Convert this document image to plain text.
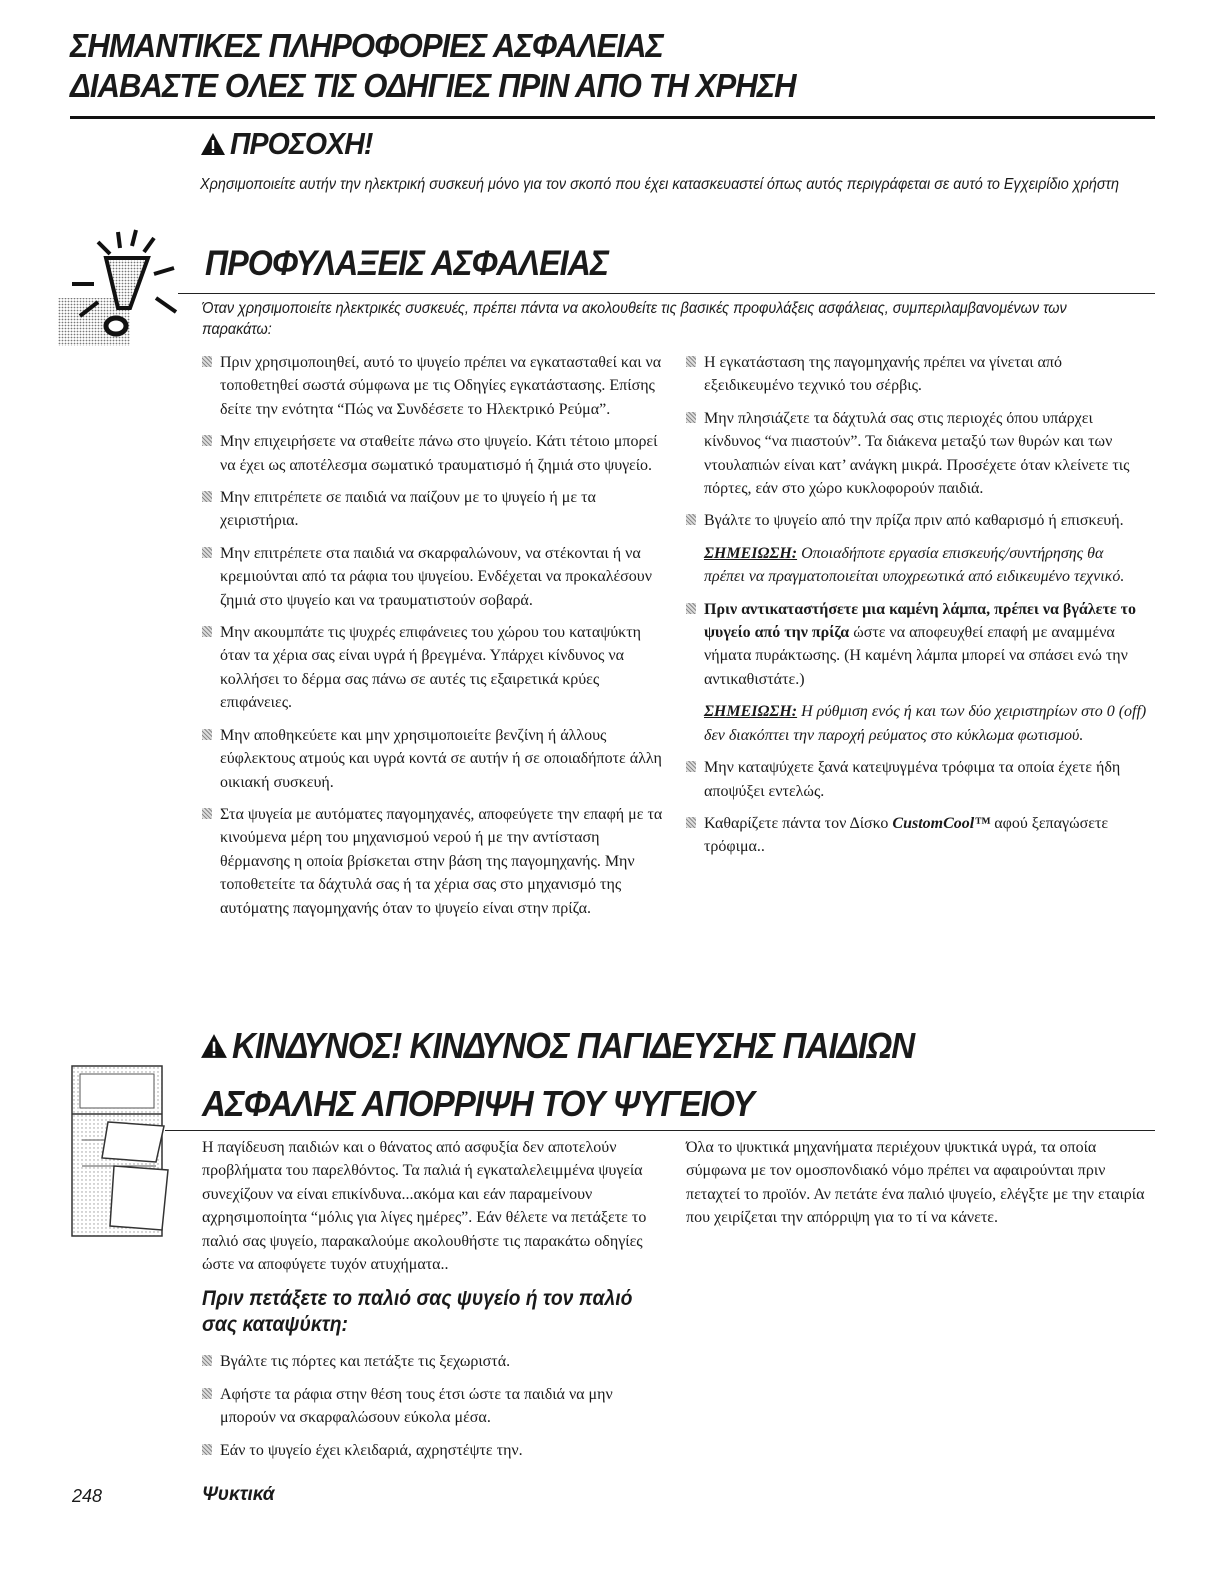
ΣΗΜΑΝΤΙΚΕΣ ΠΛΗΡΟΦΟΡΙΕΣ ΑΣΦΑΛΕΙΑΣ
ΔΙΑΒΑΣΤΕ ΟΛΕΣ ΤΙΣ ΟΔΗΓΙΕΣ ΠΡΙΝ ΑΠΟ ΤΗ ΧΡΗΣΗ
ΠΡΟΣΟΧΗ!
Χρησιμοποιείτε αυτήν την ηλεκτρική συσκευή μόνο για τον σκοπό που έχει κατασκευαστεί όπως αυτός περιγράφεται σε αυτό το Εγχειρίδιο χρήστη
ΠΡΟΦΥΛΑΞΕΙΣ ΑΣΦΑΛΕΙΑΣ
Όταν χρησιμοποιείτε ηλεκτρικές συσκευές, πρέπει πάντα να ακολουθείτε τις βασικές προφυλάξεις ασφάλειας, συμπεριλαμβανομένων των παρακάτω:
Πριν χρησιμοποιηθεί, αυτό το ψυγείο πρέπει να εγκατασταθεί και να τοποθετηθεί σωστά σύμφωνα με τις Οδηγίες εγκατάστασης. Επίσης δείτε την ενότητα “Πώς να Συνδέσετε το Ηλεκτρικό Ρεύμα”.
Μην επιχειρήσετε να σταθείτε πάνω στο ψυγείο. Κάτι τέτοιο μπορεί να έχει ως αποτέλεσμα σωματικό τραυματισμό ή ζημιά στο ψυγείο.
Μην επιτρέπετε σε παιδιά να παίζουν με το ψυγείο ή με τα χειριστήρια.
Μην επιτρέπετε στα παιδιά να σκαρφαλώνουν, να στέκονται ή να κρεμιούνται από τα ράφια του ψυγείου. Ενδέχεται να προκαλέσουν ζημιά στο ψυγείο και να τραυματιστούν σοβαρά.
Μην ακουμπάτε τις ψυχρές επιφάνειες του χώρου του καταψύκτη όταν τα χέρια σας είναι υγρά ή βρεγμένα. Υπάρχει κίνδυνος να κολλήσει το δέρμα σας πάνω σε αυτές τις εξαιρετικά κρύες επιφάνειες.
Μην αποθηκεύετε και μην χρησιμοποιείτε βενζίνη ή άλλους εύφλεκτους ατμούς και υγρά κοντά σε αυτήν ή σε οποιαδήποτε άλλη οικιακή συσκευή.
Στα ψυγεία με αυτόματες παγομηχανές, αποφεύγετε την επαφή με τα κινούμενα μέρη του μηχανισμού νερού ή με την αντίσταση θέρμανσης η οποία βρίσκεται στην βάση της παγομηχανής. Μην τοποθετείτε τα δάχτυλά σας ή τα χέρια σας στο μηχανισμό της αυτόματης παγομηχανής όταν το ψυγείο είναι στην πρίζα.
Η εγκατάσταση της παγομηχανής πρέπει να γίνεται από εξειδικευμένο τεχνικό του σέρβις.
Μην πλησιάζετε τα δάχτυλά σας στις περιοχές όπου υπάρχει κίνδυνος “να πιαστούν”. Τα διάκενα μεταξύ των θυρών και των ντουλαπιών είναι κατ’ ανάγκη μικρά. Προσέχετε όταν κλείνετε τις πόρτες, εάν στο χώρο κυκλοφορούν παιδιά.
Βγάλτε το ψυγείο από την πρίζα πριν από καθαρισμό ή επισκευή.
ΣΗΜΕΙΩΣΗ: Οποιαδήποτε εργασία επισκευής/συντήρησης θα πρέπει να πραγματοποιείται υποχρεωτικά από ειδικευμένο τεχνικό.
Πριν αντικαταστήσετε μια καμένη λάμπα, πρέπει να βγάλετε το ψυγείο από την πρίζα ώστε να αποφευχθεί επαφή με αναμμένα νήματα πυράκτωσης. (Η καμένη λάμπα μπορεί να σπάσει ενώ την αντικαθιστάτε.)
ΣΗΜΕΙΩΣΗ: Η ρύθμιση ενός ή και των δύο χειριστηρίων στο 0 (off) δεν διακόπτει την παροχή ρεύματος στο κύκλωμα φωτισμού.
Μην καταψύχετε ξανά κατεψυγμένα τρόφιμα τα οποία έχετε ήδη αποψύξει εντελώς.
Καθαρίζετε πάντα τον Δίσκο CustomCool™ αφού ξεπαγώσετε τρόφιμα..
ΚΙΝΔΥΝΟΣ! ΚΙΝΔΥΝΟΣ ΠΑΓΙΔΕΥΣΗΣ ΠΑΙΔΙΩΝ
ΑΣΦΑΛΗΣ ΑΠΟΡΡΙΨΗ ΤΟΥ ΨΥΓΕΙΟΥ

Η παγίδευση παιδιών και ο θάνατος από ασφυξία δεν αποτελούν προβλήματα του παρελθόντος. Τα παλιά ή εγκαταλελειμμένα ψυγεία συνεχίζουν να είναι επικίνδυνα...ακόμα και εάν παραμείνουν αχρησιμοποίητα “μόλις για λίγες ημέρες”. Εάν θέλετε να πετάξετε το παλιό σας ψυγείο, παρακαλούμε ακολουθήστε τις παρακάτω οδηγίες ώστε να αποφύγετε τυχόν ατυχήματα..

Πριν πετάξετε το παλιό σας ψυγείο ή τον παλιό σας καταψύκτη:
Βγάλτε τις πόρτες και πετάξτε τις ξεχωριστά.
Αφήστε τα ράφια στην θέση τους έτσι ώστε τα παιδιά να μην μπορούν να σκαρφαλώσουν εύκολα μέσα.
Εάν το ψυγείο έχει κλειδαριά, αχρηστέψτε την.

Όλα το ψυκτικά μηχανήματα περιέχουν ψυκτικά υγρά, τα οποία σύμφωνα με τον ομοσπονδιακό νόμο πρέπει να αφαιρούνται πριν πεταχτεί το προϊόν. Αν πετάτε ένα παλιό ψυγείο, ελέγξτε με την εταιρία που χειρίζεται την απόρριψη για το τί να κάνετε.

248	Ψυκτικά
